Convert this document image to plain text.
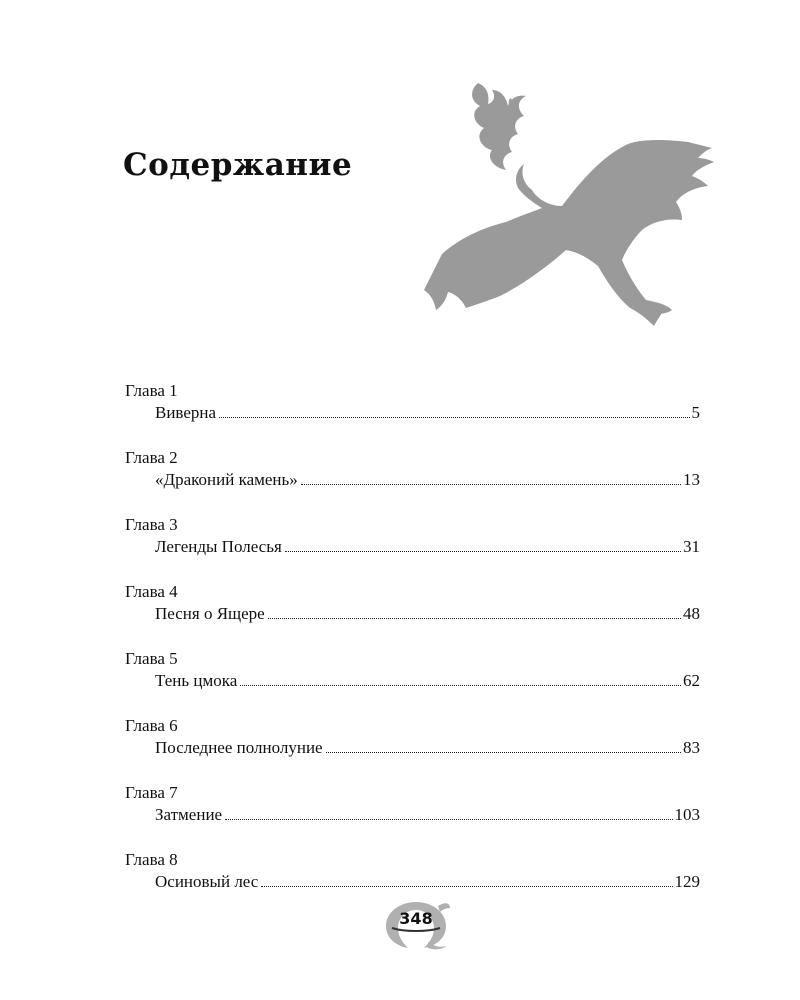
Содержание
Глава 1
Виверна	5
Глава 2
«Драконий камень»	13
Глава 3
Легенды Полесья	31
Глава 4
Песня о Ящере	48
Глава 5
Тень цмока	62
Глава 6
Последнее полнолуние	83
Глава 7
Затмение	103
Глава 8
Осиновый лес	129
348
